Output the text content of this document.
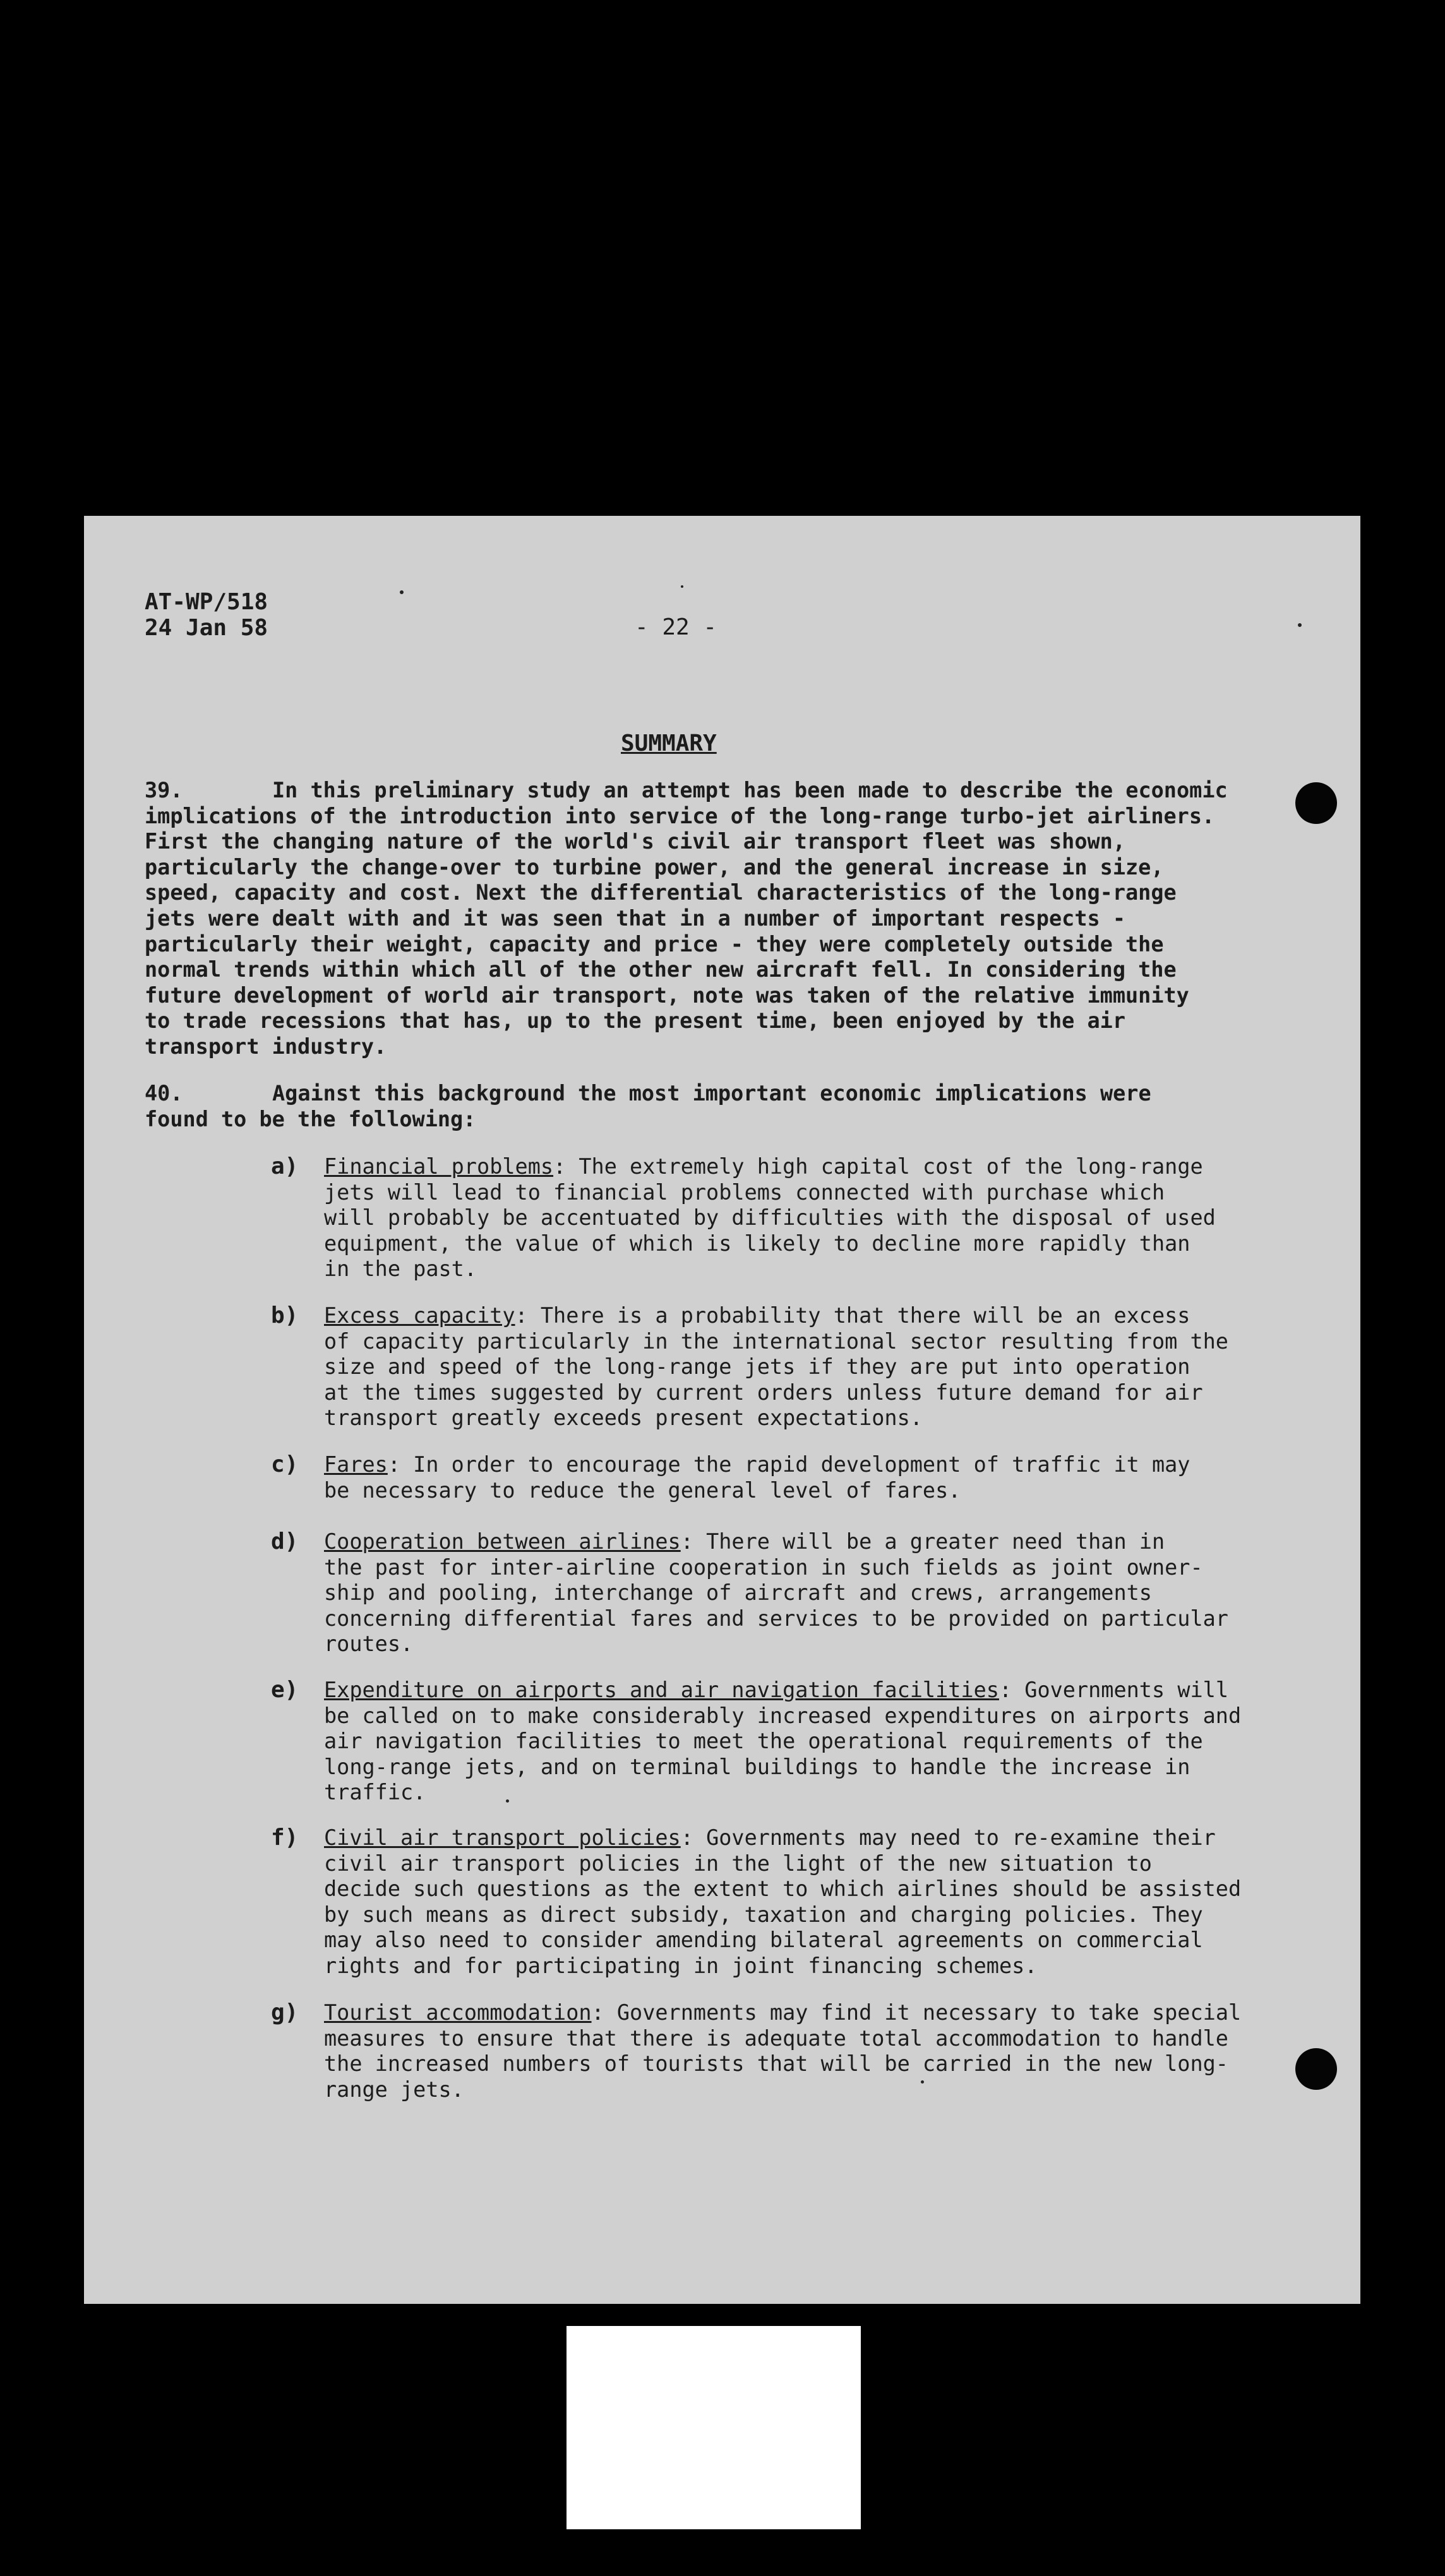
AT-WP/518
24 Jan 58	- 22 -
SUMMARY
39.	In this preliminary study an attempt has been made to describe the economic
implications of the introduction into service of the long-range turbo-jet airliners.
First the changing nature of the world's civil air transport fleet was shown,
particularly the change-over to turbine power, and the general increase in size,
speed, capacity and cost. Next the differential characteristics of the long-range
jets were dealt with and it was seen that in a number of important respects -
particularly their weight, capacity and price - they were completely outside the
normal trends within which all of the other new aircraft fell. In considering the
future development of world air transport, note was taken of the relative immunity
to trade recessions that has, up to the present time, been enjoyed by the air
transport industry.
40.	Against this background the most important economic implications were
found to be the following:
a) Financial problems: The extremely high capital cost of the long-range
jets will lead to financial problems connected with purchase which
will probably be accentuated by difficulties with the disposal of used
equipment, the value of which is likely to decline more rapidly than
in the past.
b) Excess capacity: There is a probability that there will be an excess
of capacity particularly in the international sector resulting from the
size and speed of the long-range jets if they are put into operation
at the times suggested by current orders unless future demand for air
transport greatly exceeds present expectations.
c) Fares: In order to encourage the rapid development of traffic it may
be necessary to reduce the general level of fares.
d) Cooperation between airlines: There will be a greater need than in
the past for inter-airline cooperation in such fields as joint owner-
ship and pooling, interchange of aircraft and crews, arrangements
concerning differential fares and services to be provided on particular
routes.
e) Expenditure on airports and air navigation facilities: Governments will
be called on to make considerably increased expenditures on airports and
air navigation facilities to meet the operational requirements of the
long-range jets, and on terminal buildings to handle the increase in
traffic.
f) Civil air transport policies: Governments may need to re-examine their
civil air transport policies in the light of the new situation to
decide such questions as the extent to which airlines should be assisted
by such means as direct subsidy, taxation and charging policies. They
may also need to consider amending bilateral agreements on commercial
rights and for participating in joint financing schemes.
g) Tourist accommodation: Governments may find it necessary to take special
measures to ensure that there is adequate total accommodation to handle
the increased numbers of tourists that will be carried in the new long-
range jets.
